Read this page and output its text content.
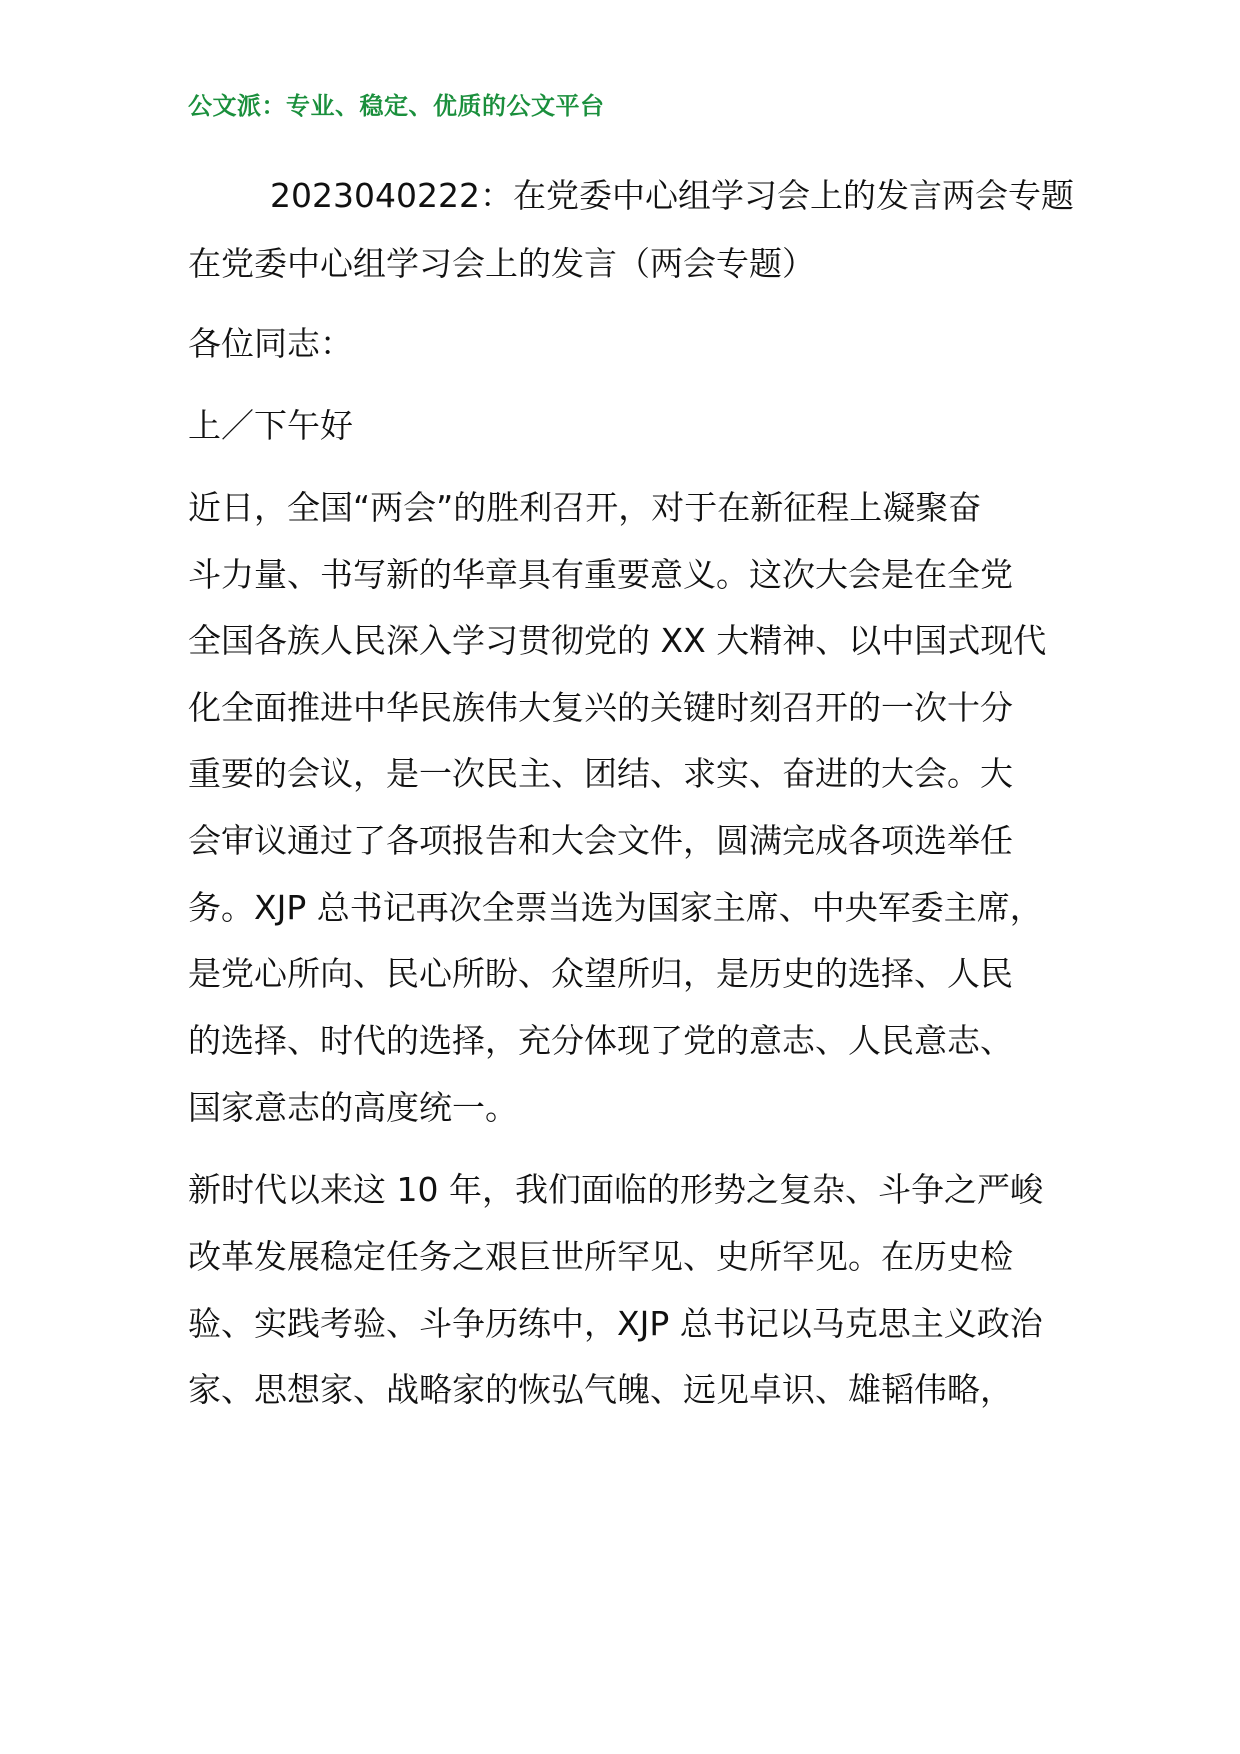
公文派：专业、稳定、优质的公文平台
2023040222：在党委中心组学习会上的发言两会专题
在党委中心组学习会上的发言（两会专题）
各位同志：
上／下午好
近日，全国“两会”的胜利召开，对于在新征程上凝聚奋
斗力量、书写新的华章具有重要意义。这次大会是在全党
全国各族人民深入学习贯彻党的 XX 大精神、以中国式现代
化全面推进中华民族伟大复兴的关键时刻召开的一次十分
重要的会议，是一次民主、团结、求实、奋进的大会。大
会审议通过了各项报告和大会文件，圆满完成各项选举任
务。XJP 总书记再次全票当选为国家主席、中央军委主席，
是党心所向、民心所盼、众望所归，是历史的选择、人民
的选择、时代的选择，充分体现了党的意志、人民意志、
国家意志的高度统一。
新时代以来这 10 年，我们面临的形势之复杂、斗争之严峻
改革发展稳定任务之艰巨世所罕见、史所罕见。在历史检
验、实践考验、斗争历练中，XJP 总书记以马克思主义政治
家、思想家、战略家的恢弘气魄、远见卓识、雄韬伟略，
